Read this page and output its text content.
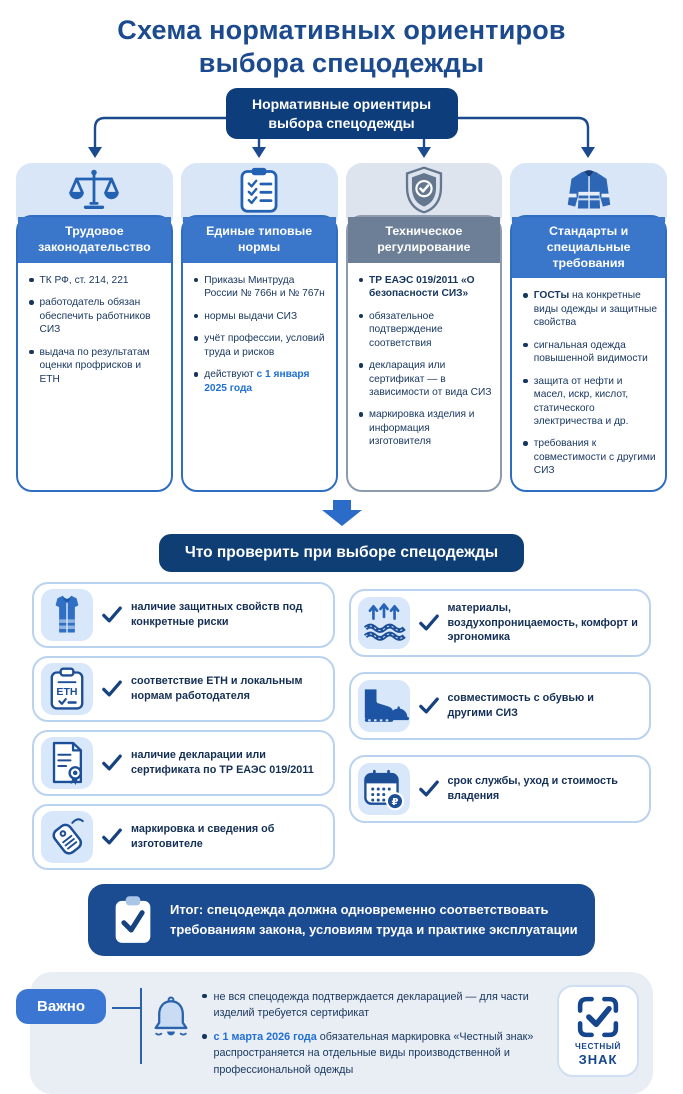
Схема нормативных ориентиров выбора спецодежды
Нормативные ориентиры выбора спецодежды
Трудовое законодательство

ТК РФ, ст. 214, 221

работодатель обязан обеспечить работников СИЗ

выдача по результатам оценки профрисков и ЕТН

Единые типовые нормы

Приказы Минтруда России № 766н и № 767н

нормы выдачи СИЗ

учёт профессии, условий труда и рисков

действуют с 1 января 2025 года

Техническое регулирование

ТР ЕАЭС 019/2011 «О безопасности СИЗ»

обязательное подтверждение соответствия

декларация или сертификат — в зависимости от вида СИЗ

маркировка изделия и информация изготовителя

Стандарты и специальные требования

ГОСТы на конкретные виды одежды и защитные свойства

сигнальная одежда повышенной видимости

защита от нефти и масел, искр, кислот, статического электричества и др.

требования к совместимости с другими СИЗ

Что проверить при выборе спецодежды
наличие защитных свойств под конкретные риски
ЕТН
соответствие ЕТН и локальным нормам работодателя
наличие декларации или сертификата по ТР ЕАЭС 019/2011
маркировка и сведения об изготовителе
материалы, воздухопроницаемость, комфорт и эргономика
совместимость с обувью и другими СИЗ
₽
срок службы, уход и стоимость владения

Итог: спецодежда должна одновременно соответствовать требованиям закона, условиям труда и практике эксплуатации

Важно

не вся спецодежда подтверждается декларацией — для части изделий требуется сертификат

с 1 марта 2026 года обязательная маркировка «Честный знак» распространяется на отдельные виды производственной и профессиональной одежды

ЧЕСТНЫЙ
ЗНАК
